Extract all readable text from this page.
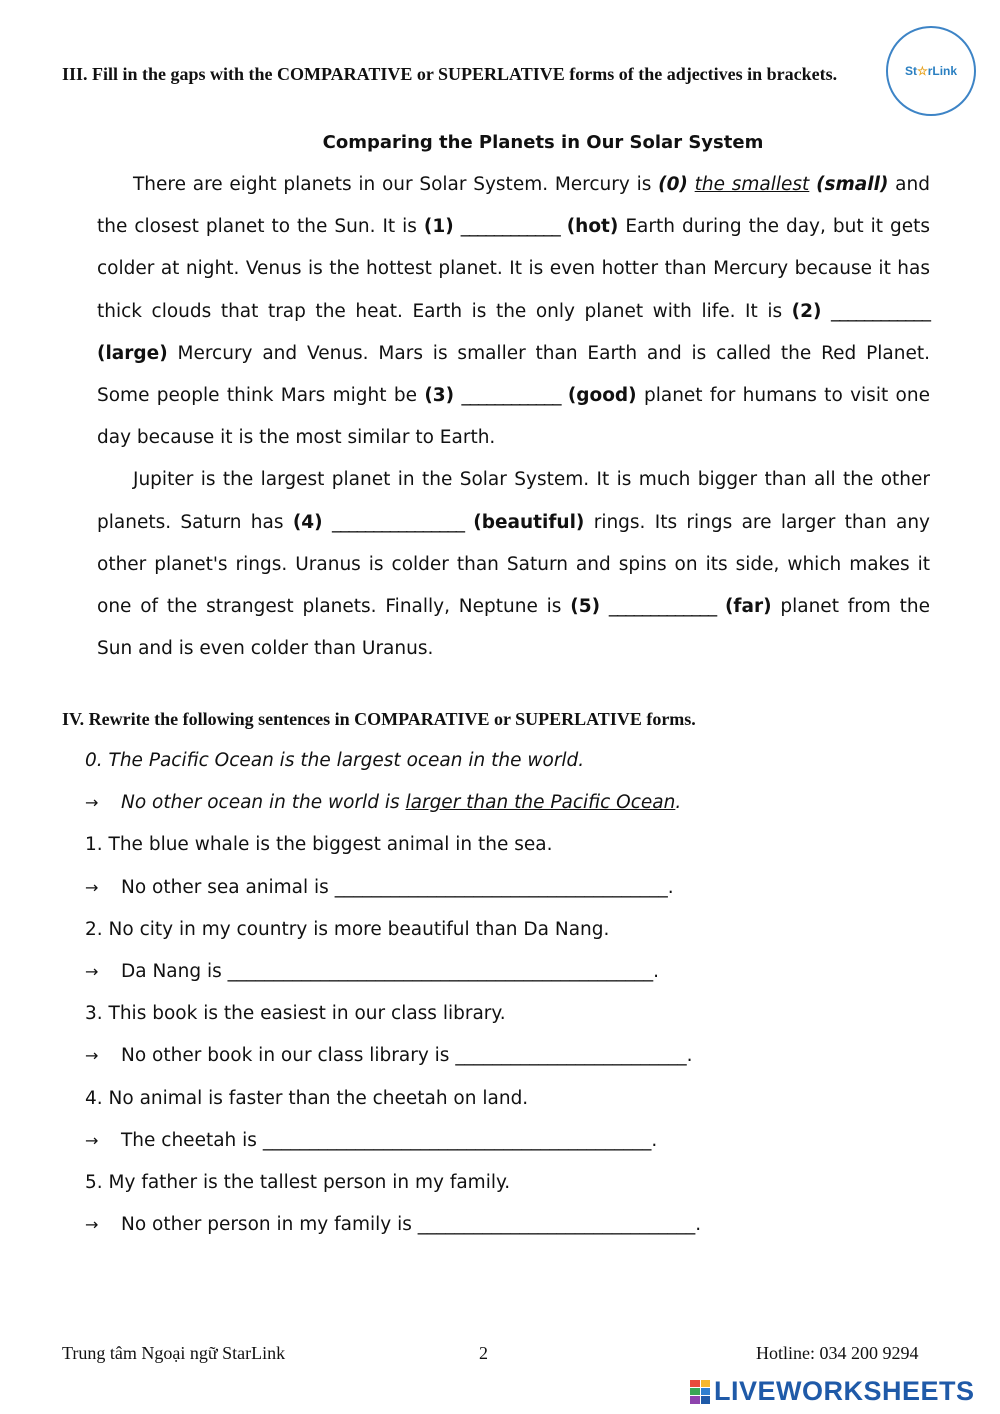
III. Fill in the gaps with the COMPARATIVE or SUPERLATIVE forms of the adjectives in brackets.	St☆rLink
Comparing the Planets in Our Solar System

There are eight planets in our Solar System. Mercury is (0) the smallest (small) and the closest planet to the Sun. It is (1) ____________ (hot) Earth during the day, but it gets colder at night. Venus is the hottest planet. It is even hotter than Mercury because it has thick clouds that trap the heat. Earth is the only planet with life. It is (2) ____________ (large) Mercury and Venus. Mars is smaller than Earth and is called the Red Planet. Some people think Mars might be (3) ____________ (good) planet for humans to visit one day because it is the most similar to Earth.

Jupiter is the largest planet in the Solar System. It is much bigger than all the other planets. Saturn has (4) ________________ (beautiful) rings. Its rings are larger than any other planet's rings. Uranus is colder than Saturn and spins on its side, which makes it one of the strangest planets. Finally, Neptune is (5) _____________ (far) planet from the Sun and is even colder than Uranus.

IV. Rewrite the following sentences in COMPARATIVE or SUPERLATIVE forms.
0. The Pacific Ocean is the largest ocean in the world.
→ No other ocean in the world is larger than the Pacific Ocean.
1. The blue whale is the biggest animal in the sea.
→ No other sea animal is ____________________________________.
2. No city in my country is more beautiful than Da Nang.
→ Da Nang is ______________________________________________.
3. This book is the easiest in our class library.
→ No other book in our class library is _________________________.
4. No animal is faster than the cheetah on land.
→ The cheetah is __________________________________________.
5. My father is the tallest person in my family.
→ No other person in my family is ______________________________.
Trung tâm Ngoại ngữ StarLink	2	Hotline: 034 200 9294
LIVEWORKSHEETS
